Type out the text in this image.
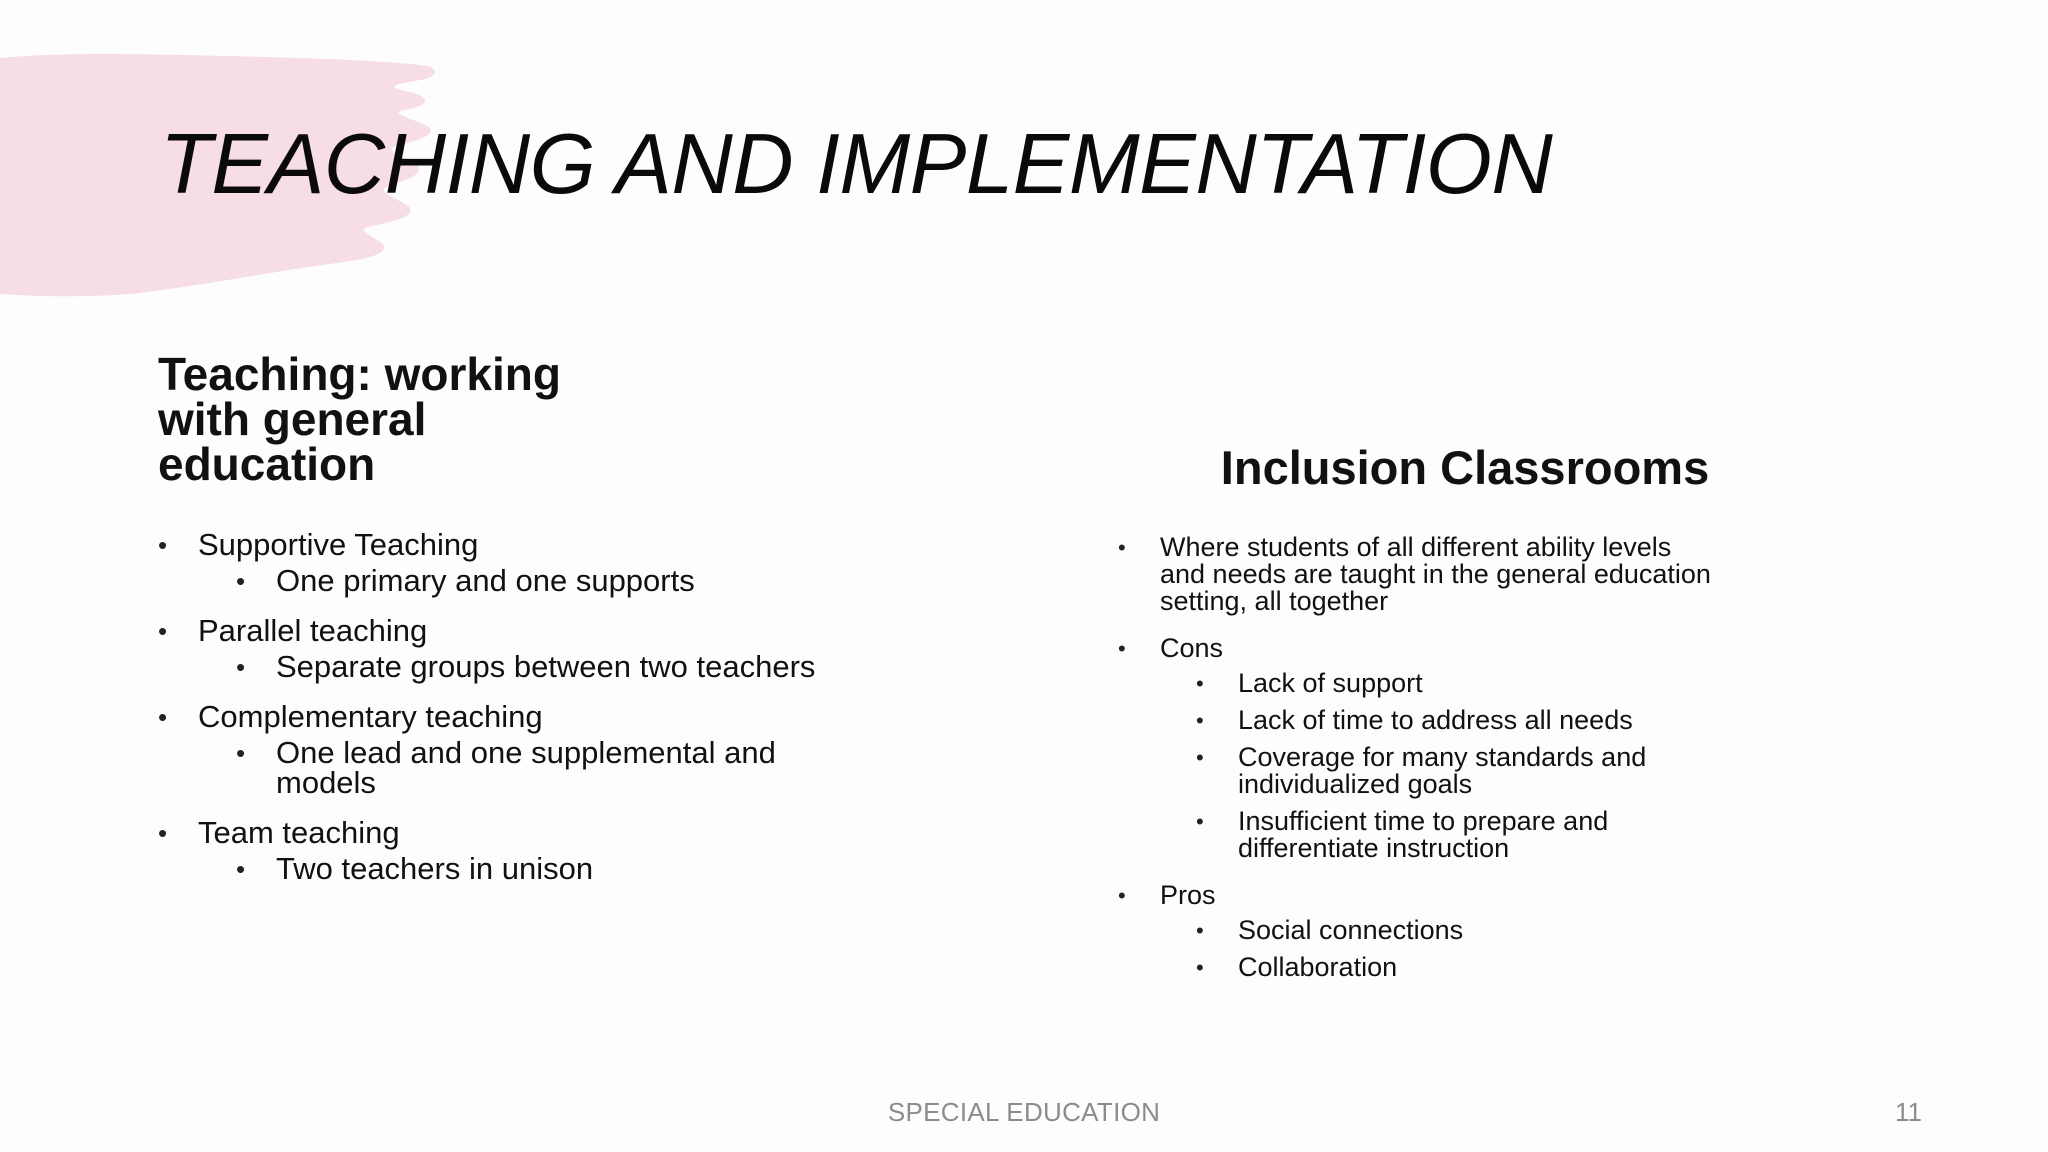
TEACHING AND IMPLEMENTATION
Teaching: working with general education
• Supportive Teaching
• One primary and one supports
• Parallel teaching
• Separate groups between two teachers
• Complementary teaching
• One lead and one supplemental and models
• Team teaching
• Two teachers in unison
Inclusion Classrooms
• Where students of all different ability levels and needs are taught in the general education setting, all together
• Cons
• Lack of support
• Lack of time to address all needs
• Coverage for many standards and individualized goals
• Insufficient time to prepare and differentiate instruction
• Pros
• Social connections
• Collaboration
SPECIAL EDUCATION	11
